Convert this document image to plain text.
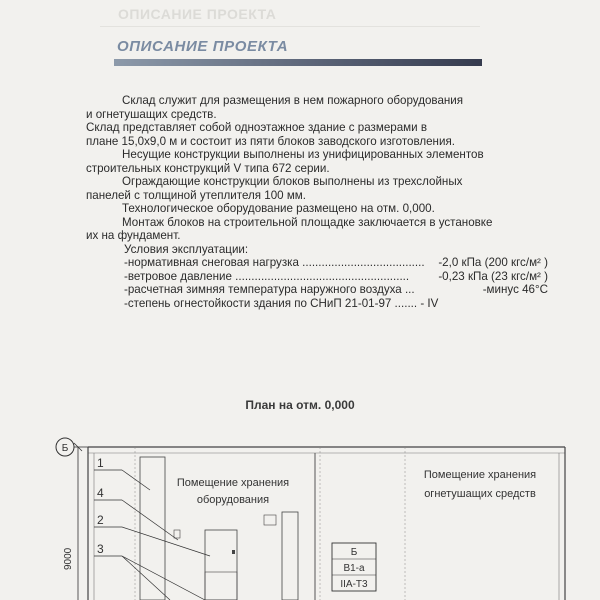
ОПИСАНИЕ ПРОЕКТА
ОПИСАНИЕ ПРОЕКТА

Склад служит для размещения в нем пожарного оборудования

и огнетушащих средств.

Склад представляет собой одноэтажное здание с размерами в

плане 15,0х9,0 м и состоит из пяти блоков заводского изготовления.

Несущие конструкции выполнены из унифицированных элементов

строительных конструкций V типа 672 серии.

Ограждающие конструкции блоков выполнены из трехслойных

панелей с толщиной утеплителя 100 мм.

Технологическое оборудование размещено на отм. 0,000.

Монтаж блоков на строительной площадке заключается в установке

их на фундамент.

Условия эксплуатации:

-нормативная снеговая нагрузка ...................................... -2,0 кПа (200 кгс/м² )
-ветровое давление ......................................................	-0,23 кПа (23 кгс/м² )
-расчетная зимняя температура наружного воздуха ...	-минус 46°С
-степень огнестойкости здания по СНиП 21-01-97 ....... - IV
План на отм. 0,000
Б
9000
1
4
2
3
Помещение хранения
оборудования
Помещение хранения
огнетушащих средств
Б
В1-а
IIA-T3
